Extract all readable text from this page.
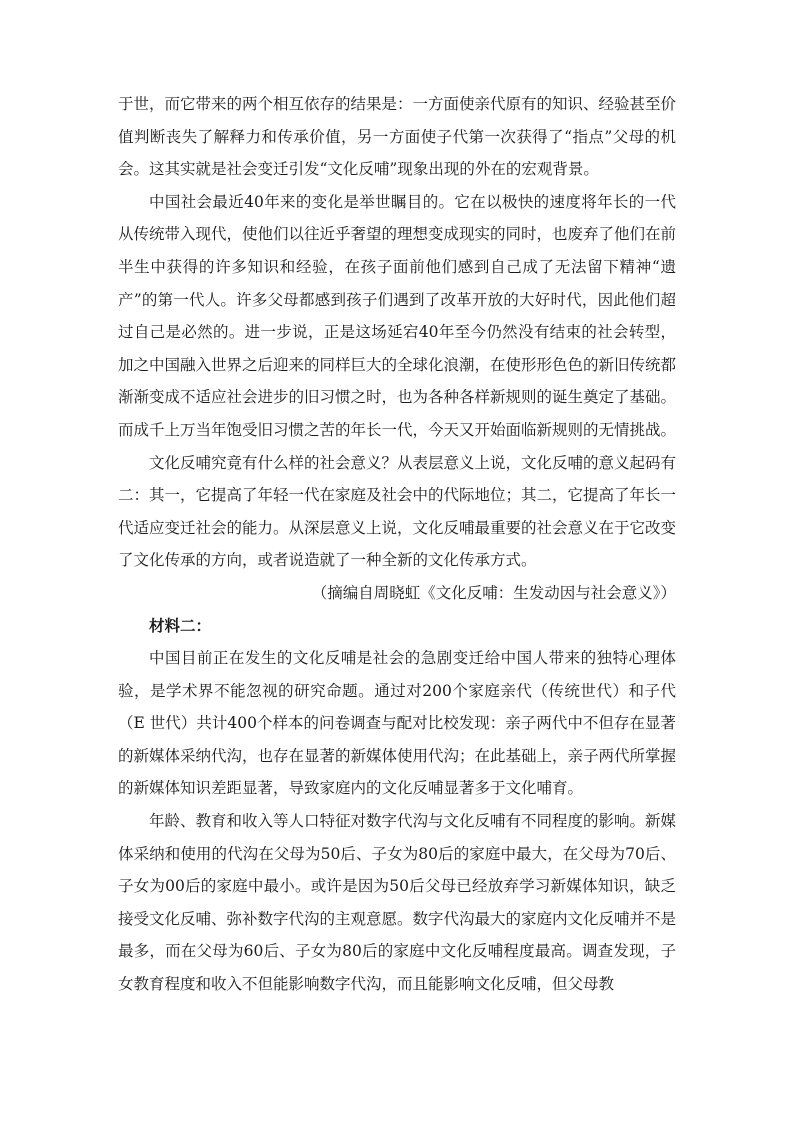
于世，而它带来的两个相互依存的结果是：一方面使亲代原有的知识、经验甚至价值判断丧失了解释力和传承价值，另一方面使子代第一次获得了“指点”父母的机会。这其实就是社会变迁引发“文化反哺”现象出现的外在的宏观背景。

中国社会最近40年来的变化是举世瞩目的。它在以极快的速度将年长的一代从传统带入现代，使他们以往近乎奢望的理想变成现实的同时，也废弃了他们在前半生中获得的许多知识和经验，在孩子面前他们感到自己成了无法留下精神“遗产”的第一代人。许多父母都感到孩子们遇到了改革开放的大好时代，因此他们超过自己是必然的。进一步说，正是这场延宕40年至今仍然没有结束的社会转型，加之中国融入世界之后迎来的同样巨大的全球化浪潮，在使形形色色的新旧传统都渐渐变成不适应社会进步的旧习惯之时，也为各种各样新规则的诞生奠定了基础。而成千上万当年饱受旧习惯之苦的年长一代，今天又开始面临新规则的无情挑战。

文化反哺究竟有什么样的社会意义？从表层意义上说，文化反哺的意义起码有二：其一，它提高了年轻一代在家庭及社会中的代际地位；其二，它提高了年长一代适应变迁社会的能力。从深层意义上说，文化反哺最重要的社会意义在于它改变了文化传承的方向，或者说造就了一种全新的文化传承方式。

（摘编自周晓虹《文化反哺：生发动因与社会意义》）

材料二：

中国目前正在发生的文化反哺是社会的急剧变迁给中国人带来的独特心理体验，是学术界不能忽视的研究命题。通过对200个家庭亲代（传统世代）和子代（E 世代）共计400个样本的问卷调查与配对比校发现：亲子两代中不但存在显著的新媒体采纳代沟，也存在显著的新媒体使用代沟；在此基础上，亲子两代所掌握的新媒体知识差距显著，导致家庭内的文化反哺显著多于文化哺育。

年龄、教育和收入等人口特征对数字代沟与文化反哺有不同程度的影响。新媒体采纳和使用的代沟在父母为50后、子女为80后的家庭中最大，在父母为70后、子女为00后的家庭中最小。或许是因为50后父母已经放弃学习新媒体知识，缺乏接受文化反哺、弥补数字代沟的主观意愿。数字代沟最大的家庭内文化反哺并不是最多，而在父母为60后、子女为80后的家庭中文化反哺程度最高。调查发现，子女教育程度和收入不但能影响数字代沟，而且能影响文化反哺，但父母教
